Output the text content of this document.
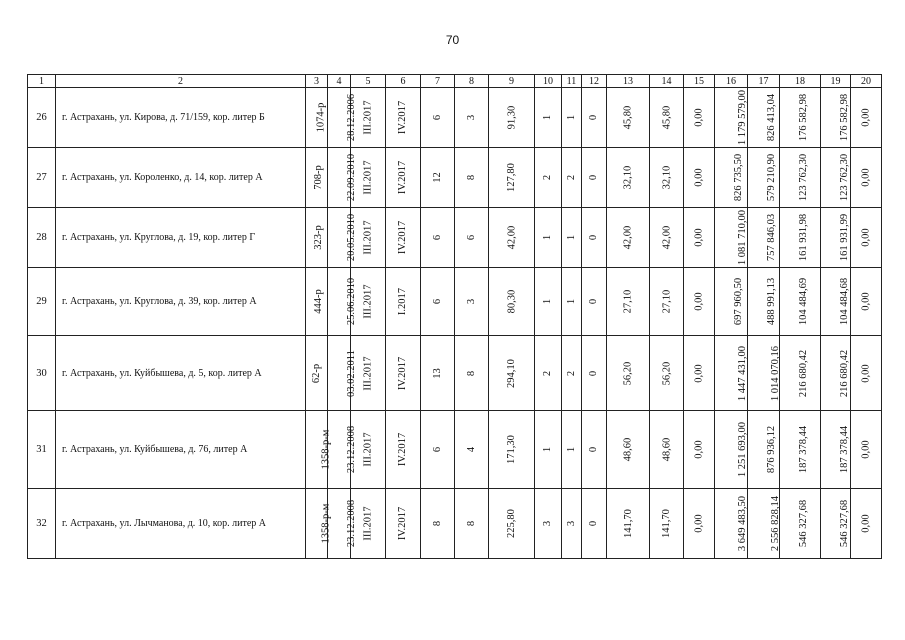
70
1	2	3	4	5	6	7	8	9	10	11	12	13	14	15	16	17	18	19	20
26	г. Астрахань, ул. Кирова, д. 71/159, кор. литер Б	1074-р	28.12.2006	III.2017	IV.2017	6	3	91,30	1	1	0	45,80	45,80	0,00	1 179 579,00	826 413,04	176 582,98	176 582,98	0,00
27	г. Астрахань, ул. Короленко, д. 14, кор. литер А	708-р	22.09.2010	III.2017	IV.2017	12	8	127,80	2	2	0	32,10	32,10	0,00	826 735,50	579 210,90	123 762,30	123 762,30	0,00
28	г. Астрахань, ул. Круглова, д. 19, кор. литер Г	323-р	20.05.2010	III.2017	IV.2017	6	6	42,00	1	1	0	42,00	42,00	0,00	1 081 710,00	757 846,03	161 931,98	161 931,99	0,00
29	г. Астрахань, ул. Круглова, д. 39, кор. литер А	444-р	25.06.2010	III.2017	I.2017	6	3	80,30	1	1	0	27,10	27,10	0,00	697 960,50	488 991,13	104 484,69	104 484,68	0,00
30	г. Астрахань, ул. Куйбышева, д. 5, кор. литер А	62-р	03.02.2011	III.2017	IV.2017	13	8	294,10	2	2	0	56,20	56,20	0,00	1 447 431,00	1 014 070,16	216 680,42	216 680,42	0,00
31	г. Астрахань, ул. Куйбышева, д. 76, литер А	1358-р-м	23.12.2008	III.2017	IV.2017	6	4	171,30	1	1	0	48,60	48,60	0,00	1 251 693,00	876 936,12	187 378,44	187 378,44	0,00
32	г. Астрахань, ул. Лычманова, д. 10, кор. литер А	1358-р-м	23.12.2008	III.2017	IV.2017	8	8	225,80	3	3	0	141,70	141,70	0,00	3 649 483,50	2 556 828,14	546 327,68	546 327,68	0,00
